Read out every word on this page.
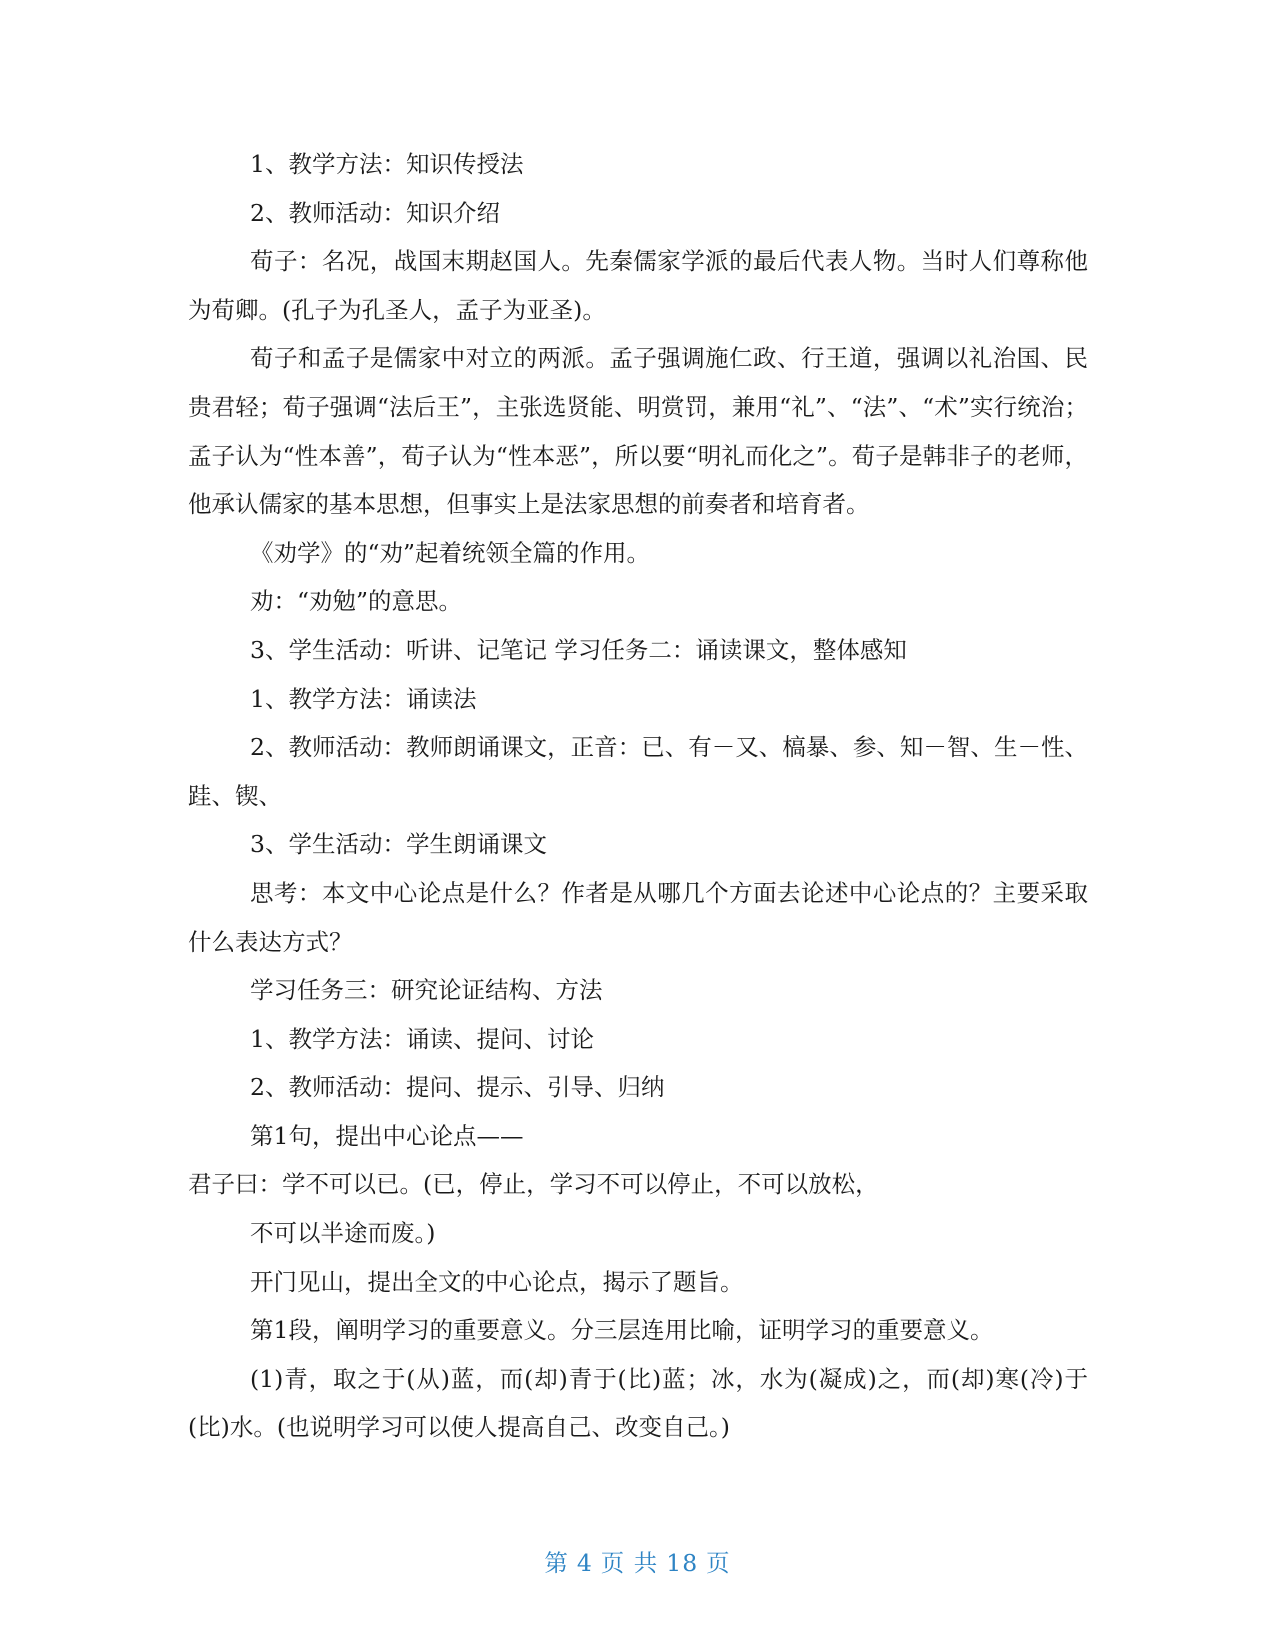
1、教学方法：知识传授法

2、教师活动：知识介绍

荀子：名况，战国末期赵国人。先秦儒家学派的最后代表人物。当时人们尊称他为荀卿。(孔子为孔圣人，孟子为亚圣)。

荀子和孟子是儒家中对立的两派。孟子强调施仁政、行王道，强调以礼治国、民贵君轻；荀子强调“法后王”，主张选贤能、明赏罚，兼用“礼”、“法”、“术”实行统治；孟子认为“性本善”，荀子认为“性本恶”，所以要“明礼而化之”。荀子是韩非子的老师，他承认儒家的基本思想，但事实上是法家思想的前奏者和培育者。

《劝学》的“劝”起着统领全篇的作用。

劝：“劝勉”的意思。

3、学生活动：听讲、记笔记 学习任务二：诵读课文，整体感知

1、教学方法：诵读法

2、教师活动：教师朗诵课文，正音：已、有－又、槁暴、参、知－智、生－性、跬、锲、

3、学生活动：学生朗诵课文

思考：本文中心论点是什么？作者是从哪几个方面去论述中心论点的？主要采取什么表达方式？

学习任务三：研究论证结构、方法

1、教学方法：诵读、提问、讨论

2、教师活动：提问、提示、引导、归纳

第1句，提出中心论点——

君子曰：学不可以已。(已，停止，学习不可以停止，不可以放松，

不可以半途而废。)

开门见山，提出全文的中心论点，揭示了题旨。

第1段，阐明学习的重要意义。分三层连用比喻，证明学习的重要意义。

(1)青，取之于(从)蓝，而(却)青于(比)蓝；冰，水为(凝成)之，而(却)寒(冷)于(比)水。(也说明学习可以使人提高自己、改变自己。)

第 4 页 共 18 页
